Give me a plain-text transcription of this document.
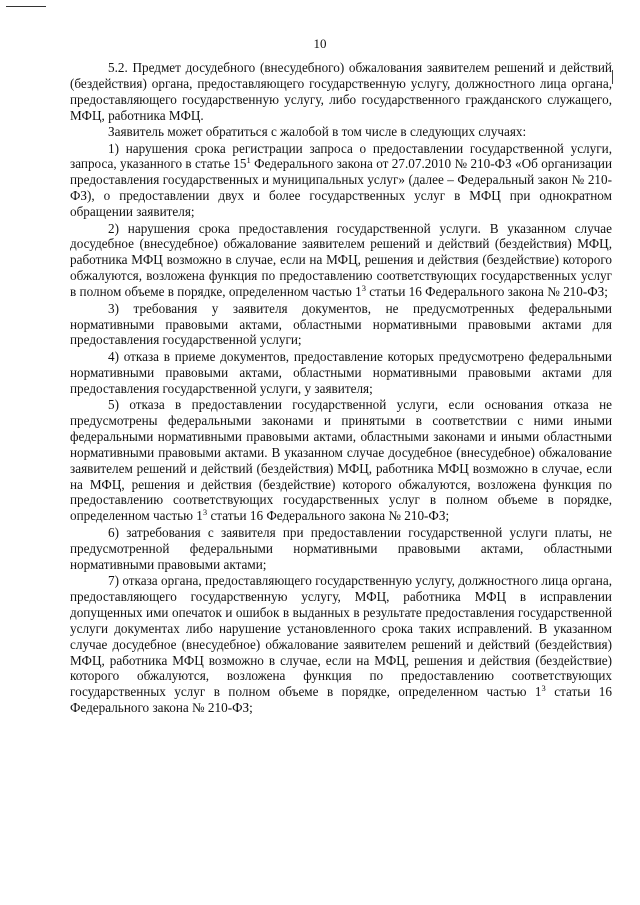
10

5.2. Предмет досудебного (внесудебного) обжалования заявителем решений и действий (бездействия) органа, предоставляющего государственную услугу, должностного лица органа, предоставляющего государственную услугу, либо государственного гражданского служащего, МФЦ, работника МФЦ.

Заявитель может обратиться с жалобой в том числе в следующих случаях:

1) нарушения срока регистрации запроса о предоставлении государственной услуги, запроса, указанного в статье $15^1$ Федерального закона от 27.07.2010 № 210-ФЗ «Об организации предоставления государственных и муниципальных услуг» (далее – Федеральный закон № 210-ФЗ), о предоставлении двух и более государственных услуг в МФЦ при однократном обращении заявителя;

2) нарушения срока предоставления государственной услуги. В указанном случае досудебное (внесудебное) обжалование заявителем решений и действий (бездействия) МФЦ, работника МФЦ возможно в случае, если на МФЦ, решения и действия (бездействие) которого обжалуются, возложена функция по предоставлению соответствующих государственных услуг в полном объеме в порядке, определенном частью $1^3$ статьи 16 Федерального закона № 210-ФЗ;

3) требования у заявителя документов, не предусмотренных федеральными нормативными правовыми актами, областными нормативными правовыми актами для предоставления государственной услуги;

4) отказа в приеме документов, предоставление которых предусмотрено федеральными нормативными правовыми актами, областными нормативными правовыми актами для предоставления государственной услуги, у заявителя;

5) отказа в предоставлении государственной услуги, если основания отказа не предусмотрены федеральными законами и принятыми в соответствии с ними иными федеральными нормативными правовыми актами, областными законами и иными областными нормативными правовыми актами. В указанном случае досудебное (внесудебное) обжалование заявителем решений и действий (бездействия) МФЦ, работника МФЦ возможно в случае, если на МФЦ, решения и действия (бездействие) которого обжалуются, возложена функция по предоставлению соответствующих государственных услуг в полном объеме в порядке, определенном частью $1^3$ статьи 16 Федерального закона № 210-ФЗ;

6) затребования с заявителя при предоставлении государственной услуги платы, не предусмотренной федеральными нормативными правовыми актами, областными нормативными правовыми актами;

7) отказа органа, предоставляющего государственную услугу, должностного лица органа, предоставляющего государственную услугу, МФЦ, работника МФЦ в исправлении допущенных ими опечаток и ошибок в выданных в результате предоставления государственной услуги документах либо нарушение установленного срока таких исправлений. В указанном случае досудебное (внесудебное) обжалование заявителем решений и действий (бездействия) МФЦ, работника МФЦ возможно в случае, если на МФЦ, решения и действия (бездействие) которого обжалуются, возложена функция по предоставлению соответствующих государственных услуг в полном объеме в порядке, определенном частью $1^3$ статьи 16 Федерального закона № 210-ФЗ;
